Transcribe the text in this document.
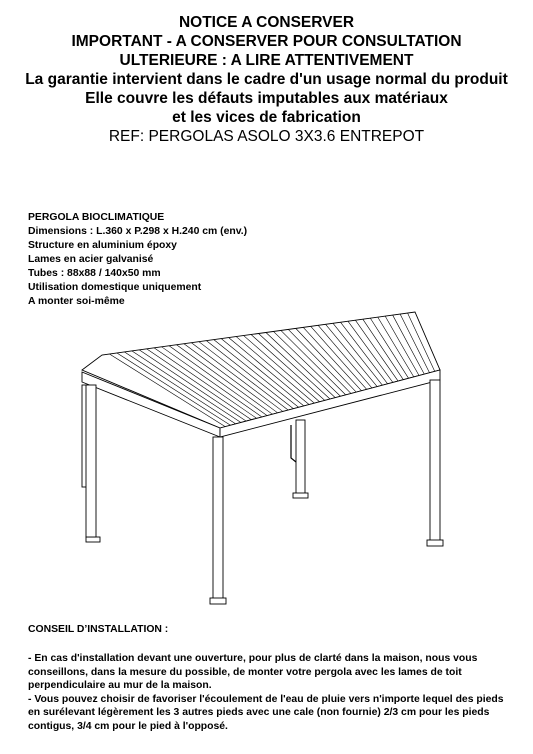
NOTICE A CONSERVER
IMPORTANT - A CONSERVER POUR CONSULTATION
ULTERIEURE : A LIRE ATTENTIVEMENT
La garantie intervient dans le cadre d'un usage normal du produit
Elle couvre les défauts imputables aux matériaux
et les vices de fabrication
REF: PERGOLAS ASOLO 3X3.6 ENTREPOT
PERGOLA BIOCLIMATIQUE
Dimensions : L.360 x P.298 x H.240 cm (env.)
Structure en aluminium époxy
Lames en acier galvanisé
Tubes : 88x88 / 140x50 mm
Utilisation domestique uniquement
A monter soi-même
CONSEIL D’INSTALLATION :

- En cas d'installation devant une ouverture, pour plus de clarté dans la maison, nous vous conseillons, dans la mesure du possible, de monter votre pergola avec les lames de toit perpendiculaire au mur de la maison.

- Vous pouvez choisir de favoriser l'écoulement de l'eau de pluie vers n'importe lequel des pieds en surélevant légèrement les 3 autres pieds avec une cale (non fournie) 2/3 cm pour les pieds contigus, 3/4 cm pour le pied à l'opposé.
